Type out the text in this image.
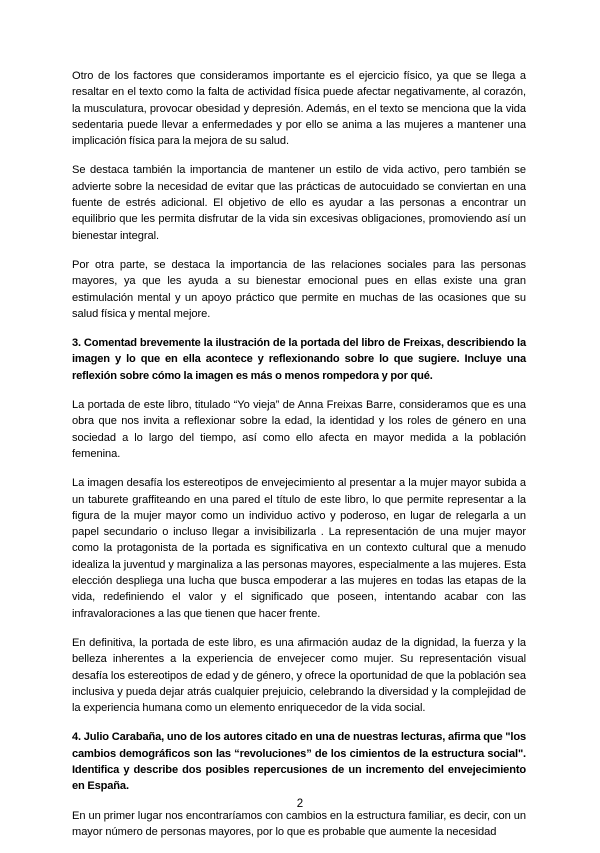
Otro de los factores que consideramos importante es el ejercicio físico, ya que se llega a resaltar en el texto como la falta de actividad física puede afectar negativamente, al corazón, la musculatura, provocar obesidad y depresión. Además, en el texto se menciona que la vida sedentaria puede llevar a enfermedades y por ello se anima a las mujeres a mantener una implicación física para la mejora de su salud.

Se destaca también la importancia de mantener un estilo de vida activo, pero también se advierte sobre la necesidad de evitar que las prácticas de autocuidado se conviertan en una fuente de estrés adicional. El objetivo de ello es ayudar a las personas a encontrar un equilibrio que les permita disfrutar de la vida sin excesivas obligaciones, promoviendo así un bienestar integral.

Por otra parte, se destaca la importancia de las relaciones sociales para las personas mayores, ya que les ayuda a su bienestar emocional pues en ellas existe una gran estimulación mental y un apoyo práctico que permite en muchas de las ocasiones que su salud física y mental mejore.

3. Comentad brevemente la ilustración de la portada del libro de Freixas, describiendo la imagen y lo que en ella acontece y reflexionando sobre lo que sugiere. Incluye una reflexión sobre cómo la imagen es más o menos rompedora y por qué.

La portada de este libro, titulado “Yo vieja” de Anna Freixas Barre, consideramos que es una obra que nos invita a reflexionar sobre la edad, la identidad y los roles de género en una sociedad a lo largo del tiempo, así como ello afecta en mayor medida a la población femenina.

La imagen desafía los estereotipos de envejecimiento al presentar a la mujer mayor subida a un taburete graffiteando en una pared el título de este libro, lo que permite representar a la figura de la mujer mayor como un individuo activo y poderoso, en lugar de relegarla a un papel secundario o incluso llegar a invisibilizarla . La representación de una mujer mayor como la protagonista de la portada es significativa en un contexto cultural que a menudo idealiza la juventud y marginaliza a las personas mayores, especialmente a las mujeres. Esta elección despliega una lucha que busca empoderar a las mujeres en todas las etapas de la vida, redefiniendo el valor y el significado que poseen, intentando acabar con las infravaloraciones a las que tienen que hacer frente.

En definitiva, la portada de este libro, es una afirmación audaz de la dignidad, la fuerza y la belleza inherentes a la experiencia de envejecer como mujer. Su representación visual desafía los estereotipos de edad y de género, y ofrece la oportunidad de que la población sea inclusiva y pueda dejar atrás cualquier prejuicio, celebrando la diversidad y la complejidad de la experiencia humana como un elemento enriquecedor de la vida social.

4. Julio Carabaña, uno de los autores citado en una de nuestras lecturas, afirma que "los cambios demográficos son las “revoluciones” de los cimientos de la estructura social". Identifica y describe dos posibles repercusiones de un incremento del envejecimiento en España.

En un primer lugar nos encontraríamos con cambios en la estructura familiar, es decir, con un mayor número de personas mayores, por lo que es probable que aumente la necesidad

2
